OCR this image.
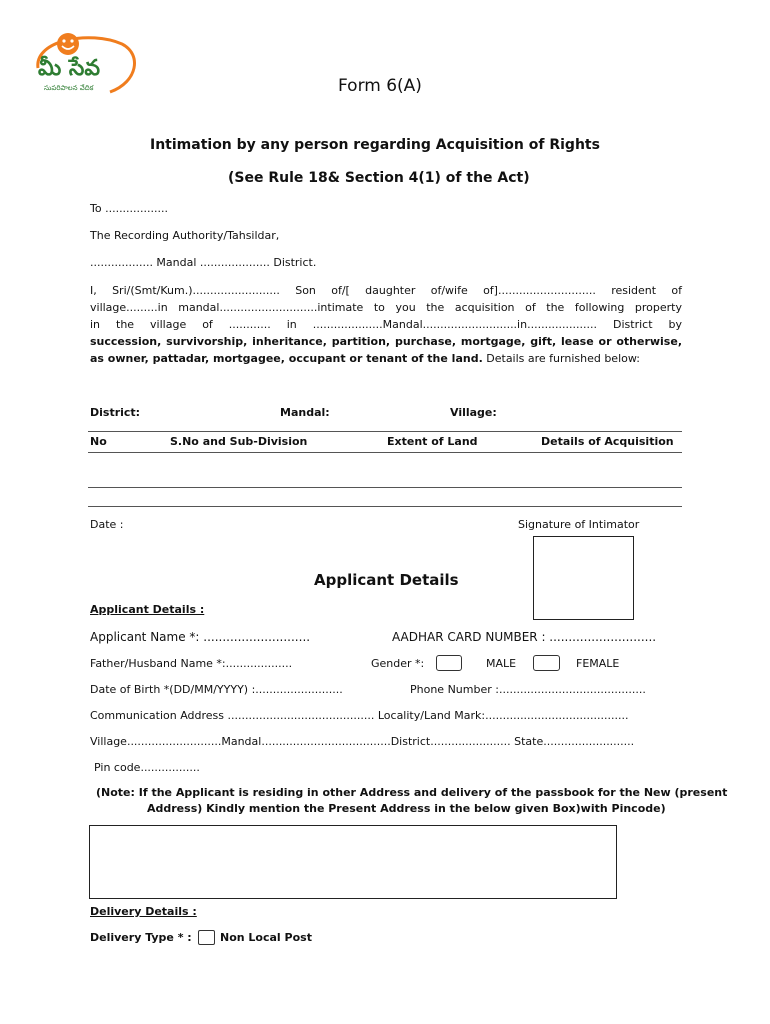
మీ సేవ
సుపరిపాలన వేదిక	Form 6(A)
Intimation by any person regarding Acquisition of Rights
(See Rule 18& Section 4(1) of the Act)
To ..................
The Recording Authority/Tahsildar,
.................. Mandal .................... District.
I, Sri/(Smt/Kum.)......................... Son of/[ daughter of/wife of]............................ resident of
village.........in mandal............................intimate to you the acquisition of the following property
in the village of ............ in ....................Mandal...........................in.................... District by
succession, survivorship, inheritance, partition, purchase, mortgage, gift, lease or otherwise,
as owner, pattadar, mortgagee, occupant or tenant of the land. Details are furnished below:
District:	Mandal:	Village:
No	S.No and Sub-Division	Extent of Land	Details of Acquisition
Date :	Signature of Intimator
Applicant Details
Applicant Details :
Applicant Name *: ............................	AADHAR CARD NUMBER : ............................
Father/Husband Name *:...................	Gender *:	MALE	FEMALE
Date of Birth *(DD/MM/YYYY) :.........................	Phone Number :..........................................
Communication Address .......................................... Locality/Land Mark:.........................................
Village...........................Mandal.....................................District....................... State..........................
Pin code.................
(Note: If the Applicant is residing in other Address and delivery of the passbook for the New (present
Address) Kindly mention the Present Address in the below given Box)with Pincode)
Delivery Details :
Delivery Type * :	Non Local Post
